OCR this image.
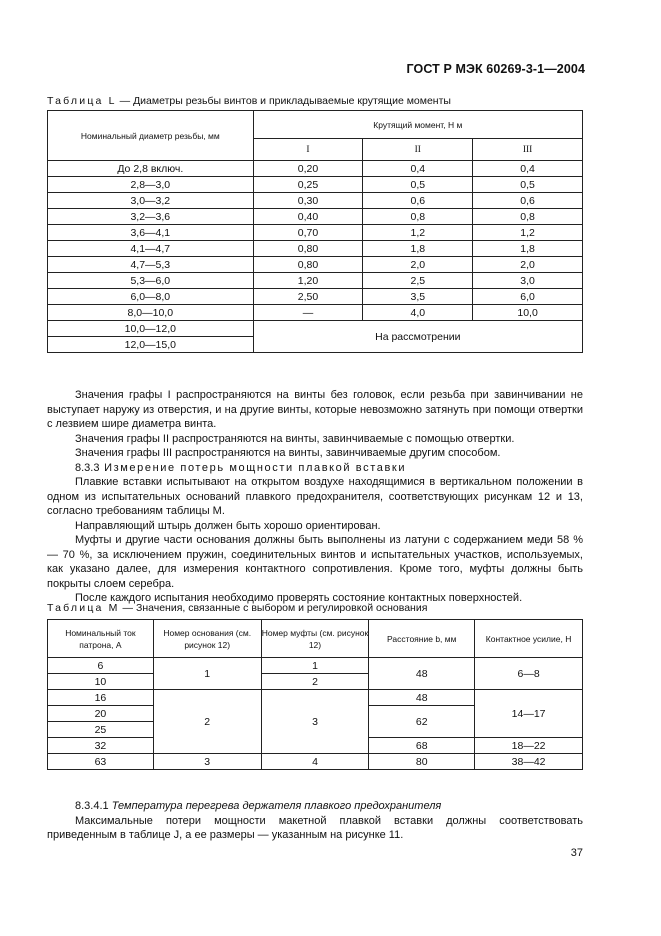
ГОСТ Р МЭК 60269-3-1—2004
Таблица L — Диаметры резьбы винтов и прикладываемые крутящие моменты
Номинальный диаметр резьбы, мм	Крутящий момент, Н м		
	I	II	III
До 2,8 включ.	0,20	0,4	0,4
2,8—3,0	0,25	0,5	0,5
3,0—3,2	0,30	0,6	0,6
3,2—3,6	0,40	0,8	0,8
3,6—4,1	0,70	1,2	1,2
4,1—4,7	0,80	1,8	1,8
4,7—5,3	0,80	2,0	2,0
5,3—6,0	1,20	2,5	3,0
6,0—8,0	2,50	3,5	6,0
8,0—10,0	—	4,0	10,0
10,0—12,0	На рассмотрении		
12,0—15,0			

Значения графы I распространяются на винты без головок, если резьба при завинчивании не выступает наружу из отверстия, и на другие винты, которые невозможно затянуть при помощи отвертки с лезвием шире диаметра винта.

Значения графы II распространяются на винты, завинчиваемые с помощью отвертки.

Значения графы III распространяются на винты, завинчиваемые другим способом.

8.3.3 Измерение потерь мощности плавкой вставки

Плавкие вставки испытывают на открытом воздухе находящимися в вертикальном положении в одном из испытательных оснований плавкого предохранителя, соответствующих рисункам 12 и 13, согласно требованиям таблицы М.

Направляющий штырь должен быть хорошо ориентирован.

Муфты и другие части основания должны быть выполнены из латуни с содержанием меди 58 % — 70 %, за исключением пружин, соединительных винтов и испытательных участков, используемых, как указано далее, для измерения контактного сопротивления. Кроме того, муфты должны быть покрыты слоем серебра.

После каждого испытания необходимо проверять состояние контактных поверхностей.

Таблица М — Значения, связанные с выбором и регулировкой основания
Номинальный ток патрона, А	Номер основания (см. рисунок 12)	Номер муфты (см. рисунок 12)	Расстояние b, мм	Контактное усилие, Н
6	1	1	48	6—8
10		2		
16	2	3	48	14—17
20			62	
25				
32			68	18—22
63	3	4	80	38—42

8.3.4.1 Температура перегрева держателя плавкого предохранителя

Максимальные потери мощности макетной плавкой вставки должны соответствовать приведенным в таблице J, а ее размеры — указанным на рисунке 11.

37
